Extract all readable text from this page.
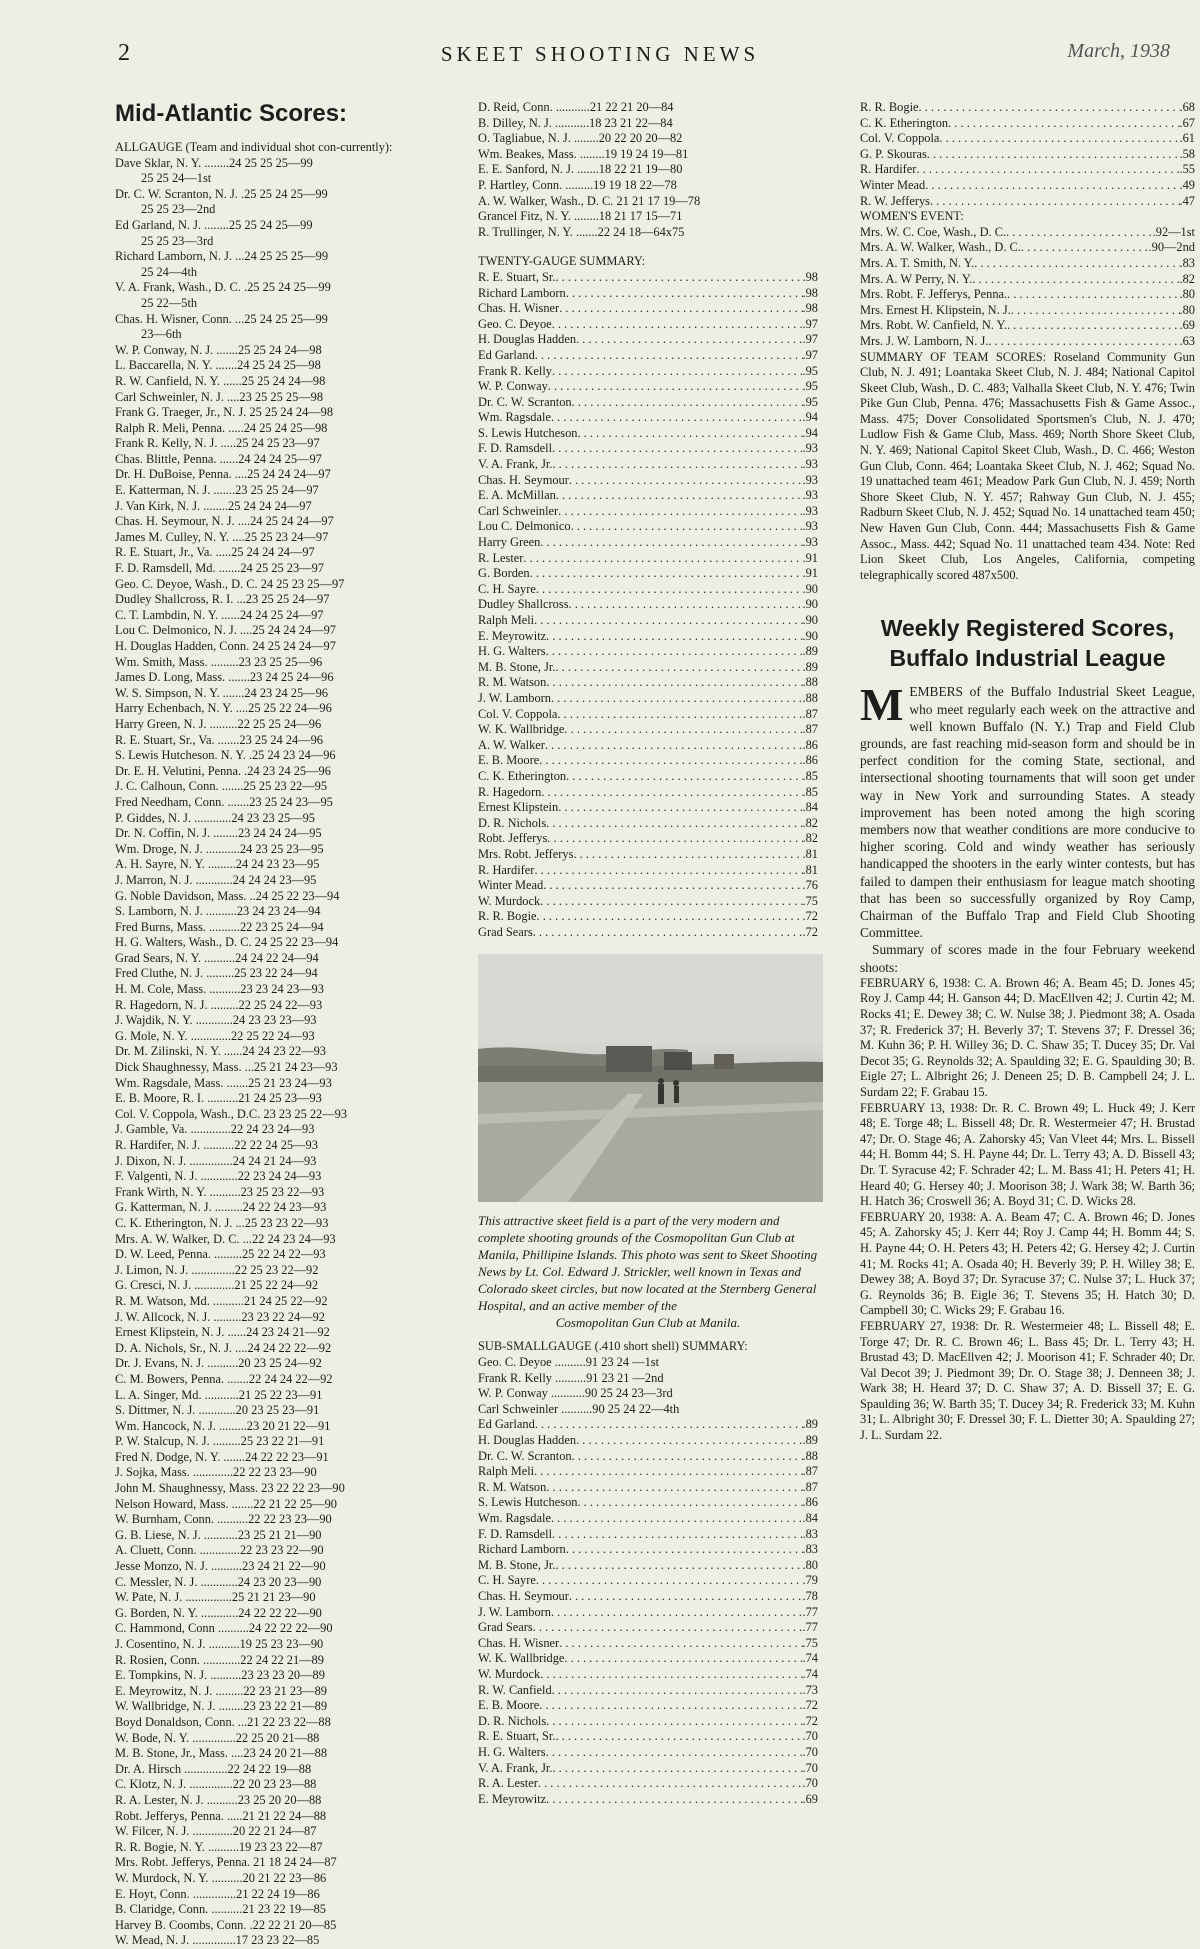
2	SKEET SHOOTING NEWS	March, 1938
Mid-Atlantic Scores:
ALLGAUGE (Team and individual shot con-currently):
Dave Sklar, N. Y. ........24 25 25 25—99
25 25 24—1st
Dr. C. W. Scranton, N. J. .25 25 24 25—99
25 25 23—2nd
Ed Garland, N. J. ........25 25 24 25—99
25 25 23—3rd
Richard Lamborn, N. J. ...24 25 25 25—99
25 24—4th
V. A. Frank, Wash., D. C. .25 25 24 25—99
25 22—5th
Chas. H. Wisner, Conn. ...25 24 25 25—99
23—6th
W. P. Conway, N. J. .......25 25 24 24—98
L. Baccarella, N. Y. .......24 25 24 25—98
R. W. Canfield, N. Y. ......25 25 24 24—98
Carl Schweinler, N. J. ....23 25 25 25—98
Frank G. Traeger, Jr., N. J. 25 25 24 24—98
Ralph R. Meli, Penna. .....24 25 24 25—98
Frank R. Kelly, N. J. .....25 24 25 23—97
Chas. Blittle, Penna. ......24 24 24 25—97
Dr. H. DuBoise, Penna. ....25 24 24 24—97
E. Katterman, N. J. .......23 25 25 24—97
J. Van Kirk, N. J. ........25 24 24 24—97
Chas. H. Seymour, N. J. ....24 25 24 24—97
James M. Culley, N. Y. ....25 25 23 24—97
R. E. Stuart, Jr., Va. .....25 24 24 24—97
F. D. Ramsdell, Md. .......24 25 25 23—97
Geo. C. Deyoe, Wash., D. C. 24 25 23 25—97
Dudley Shallcross, R. I. ...23 25 25 24—97
C. T. Lambdin, N. Y. ......24 24 25 24—97
Lou C. Delmonico, N. J. ....25 24 24 24—97
H. Douglas Hadden, Conn. 24 25 24 24—97
Wm. Smith, Mass. .........23 23 25 25—96
James D. Long, Mass. .......23 24 25 24—96
W. S. Simpson, N. Y. .......24 23 24 25—96
Harry Echenbach, N. Y. ....25 25 22 24—96
Harry Green, N. J. .........22 25 25 24—96
R. E. Stuart, Sr., Va. .......23 25 24 24—96
S. Lewis Hutcheson. N. Y. .25 24 23 24—96
Dr. E. H. Velutini, Penna. .24 23 24 25—96
J. C. Calhoun, Conn. .......25 25 23 22—95
Fred Needham, Conn. .......23 25 24 23—95
P. Giddes, N. J. ............24 23 23 25—95
Dr. N. Coffin, N. J. ........23 24 24 24—95
Wm. Droge, N. J. ...........24 23 25 23—95
A. H. Sayre, N. Y. .........24 24 23 23—95
J. Marron, N. J. ............24 24 24 23—95
G. Noble Davidson, Mass. ..24 25 22 23—94
S. Lamborn, N. J. ..........23 24 23 24—94
Fred Burns, Mass. ..........22 23 25 24—94
H. G. Walters, Wash., D. C. 24 25 22 23—94
Grad Sears, N. Y. ..........24 24 22 24—94
Fred Cluthe, N. J. .........25 23 22 24—94
H. M. Cole, Mass. ..........23 23 24 23—93
R. Hagedorn, N. J. .........22 25 24 22—93
J. Wajdik, N. Y. ............24 23 23 23—93
G. Mole, N. Y. .............22 25 22 24—93
Dr. M. Zilinski, N. Y. ......24 24 23 22—93
Dick Shaughnessy, Mass. ...25 21 24 23—93
Wm. Ragsdale, Mass. .......25 21 23 24—93
E. B. Moore, R. I. ..........21 24 25 23—93
Col. V. Coppola, Wash., D.C. 23 23 25 22—93
J. Gamble, Va. .............22 24 23 24—93
R. Hardifer, N. J. ..........22 22 24 25—93
J. Dixon, N. J. ..............24 24 21 24—93
F. Valgenti, N. J. ............22 23 24 24—93
Frank Wirth, N. Y. ..........23 25 23 22—93
G. Katterman, N. J. .........24 22 24 23—93
C. K. Etherington, N. J. ...25 23 23 22—93
Mrs. A. W. Walker, D. C. ...22 24 23 24—93
D. W. Leed, Penna. .........25 22 24 22—93
J. Limon, N. J. ..............22 25 23 22—92
G. Cresci, N. J. .............21 25 22 24—92
R. M. Watson, Md. ..........21 24 25 22—92
J. W. Allcock, N. J. .........23 23 22 24—92
Ernest Klipstein, N. J. ......24 23 24 21—92
D. A. Nichols, Sr., N. J. ....24 24 22 22—92
Dr. J. Evans, N. J. ..........20 23 25 24—92
C. M. Bowers, Penna. .......22 24 24 22—92
L. A. Singer, Md. ...........21 25 22 23—91
S. Dittmer, N. J. ............20 23 25 23—91
Wm. Hancock, N. J. .........23 20 21 22—91
P. W. Stalcup, N. J. .........25 23 22 21—91
Fred N. Dodge, N. Y. .......24 22 22 23—91
J. Sojka, Mass. .............22 22 23 23—90
John M. Shaughnessy, Mass. 23 22 22 23—90
Nelson Howard, Mass. .......22 21 22 25—90
W. Burnham, Conn. ..........22 22 23 23—90
G. B. Liese, N. J. ...........23 25 21 21—90
A. Cluett, Conn. .............22 23 23 22—90
Jesse Monzo, N. J. ..........23 24 21 22—90
C. Messler, N. J. ............24 23 20 23—90
W. Pate, N. J. ...............25 21 21 23—90
G. Borden, N. Y. ............24 22 22 22—90
C. Hammond, Conn ..........24 22 22 22—90
J. Cosentino, N. J. ..........19 25 23 23—90
R. Rosien, Conn. ............22 24 22 21—89
E. Tompkins, N. J. ..........23 23 23 20—89
E. Meyrowitz, N. J. .........22 23 21 23—89
W. Wallbridge, N. J. ........23 23 22 21—89
Boyd Donaldson, Conn. ...21 22 23 22—88
W. Bode, N. Y. ..............22 25 20 21—88
M. B. Stone, Jr., Mass. ....23 24 20 21—88
Dr. A. Hirsch ..............22 24 22 19—88
C. Klotz, N. J. ..............22 20 23 23—88
R. A. Lester, N. J. ..........23 25 20 20—88
Robt. Jefferys, Penna. .....21 21 22 24—88
W. Filcer, N. J. .............20 22 21 24—87
R. R. Bogie, N. Y. ..........19 23 23 22—87
Mrs. Robt. Jefferys, Penna. 21 18 24 24—87
W. Murdock, N. Y. ..........20 21 22 23—86
E. Hoyt, Conn. ..............21 22 24 19—86
B. Claridge, Conn. ..........21 23 22 19—85
Harvey B. Coombs, Conn. .22 22 21 20—85
W. Mead, N. J. ..............17 23 23 22—85
D. Reid, Conn. ...........21 22 21 20—84
B. Dilley, N. J. ...........18 23 21 22—84
O. Tagliabue, N. J. ........20 22 20 20—82
Wm. Beakes, Mass. ........19 19 24 19—81
E. E. Sanford, N. J. .......18 22 21 19—80
P. Hartley, Conn. .........19 19 18 22—78
A. W. Walker, Wash., D. C. 21 21 17 19—78
Grancel Fitz, N. Y. ........18 21 17 15—71
R. Trullinger, N. Y. .......22 24 18—64x75
TWENTY-GAUGE SUMMARY:
R. E. Stuart, Sr. . . .	.98
Richard Lamborn . . .	.98
Chas. H. Wisner . . .	.98
Geo. C. Deyoe . . .	.97
H. Douglas Hadden . . .	.97
Ed Garland . . .	.97
Frank R. Kelly . . .	.95
W. P. Conway . . .	.95
Dr. C. W. Scranton . . .	.95
Wm. Ragsdale . . .	.94
S. Lewis Hutcheson . . .	.94
F. D. Ramsdell . . .	.93
V. A. Frank, Jr. . . .	.93
Chas. H. Seymour . . .	.93
E. A. McMillan . . .	.93
Carl Schweinler . . .	.93
Lou C. Delmonico . . .	.93
Harry Green . . .	.93
R. Lester . . .	.91
G. Borden . . .	.91
C. H. Sayre . . .	.90
Dudley Shallcross . . .	.90
Ralph Meli . . .	.90
E. Meyrowitz . . .	.90
H. G. Walters . . .	.89
M. B. Stone, Jr. . . .	.89
R. M. Watson . . .	.88
J. W. Lamborn . . .	.88
Col. V. Coppola . . .	.87
W. K. Wallbridge . . .	.87
A. W. Walker . . .	.86
E. B. Moore . . .	.86
C. K. Etherington . . .	.85
R. Hagedorn . . .	.85
Ernest Klipstein . . .	.84
D. R. Nichols . . .	.82
Robt. Jefferys . . .	.82
Mrs. Robt. Jefferys . . .	.81
R. Hardifer . . .	.81
Winter Mead . . .	.76
W. Murdock . . .	.75
R. R. Bogie . . .	.72
Grad Sears . . .	.72
This attractive skeet field is a part of the very modern and complete shooting grounds of the Cosmopolitan Gun Club at Manila, Phillipine Islands. This photo was sent to Skeet Shooting News by Lt. Col. Edward J. Strickler, well known in Texas and Colorado skeet circles, but now located at the Sternberg General Hospital, and an active member of the
Cosmopolitan Gun Club at Manila.
SUB-SMALLGAUGE (.410 short shell) SUMMARY:
Geo. C. Deyoe ..........91 23 24 —1st
Frank R. Kelly ..........91 23 21 —2nd
W. P. Conway ...........90 25 24 23—3rd
Carl Schweinler ..........90 25 24 22—4th
Ed Garland . . .	.89
H. Douglas Hadden . . .	.89
Dr. C. W. Scranton . . .	.88
Ralph Meli . . .	.87
R. M. Watson . . .	.87
S. Lewis Hutcheson . . .	.86
Wm. Ragsdale . . .	.84
F. D. Ramsdell . . .	.83
Richard Lamborn . . .	.83
M. B. Stone, Jr. . . .	.80
C. H. Sayre . . .	.79
Chas. H. Seymour . . .	.78
J. W. Lamborn . . .	.77
Grad Sears . . .	.77
Chas. H. Wisner . . .	.75
W. K. Wallbridge . . .	.74
W. Murdock . . .	.74
R. W. Canfield . . .	.73
E. B. Moore . . .	.72
D. R. Nichols . . .	.72
R. E. Stuart, Sr. . . .	.70
H. G. Walters . . .	.70
V. A. Frank, Jr. . . .	.70
R. A. Lester . . .	.70
E. Meyrowitz . . .	.69
R. R. Bogie . . .	.68
C. K. Etherington . . .	.67
Col. V. Coppola . . .	.61
G. P. Skouras . . .	.58
R. Hardifer . . .	.55
Winter Mead . . .	.49
R. W. Jefferys . . .	.47
WOMEN'S EVENT:
Mrs. W. C. Coe, Wash., D. C. . . .	.92—1st
Mrs. A. W. Walker, Wash., D. C. . . .	.90—2nd
Mrs. A. T. Smith, N. Y. . . .	.83
Mrs. A. W Perry, N. Y. . . .	.82
Mrs. Robt. F. Jefferys, Penna. . . .	.80
Mrs. Ernest H. Klipstein, N. J. . . .	.80
Mrs. Robt. W. Canfield, N. Y. . . .	.69
Mrs. J. W. Lamborn, N. J. . . .	.63
SUMMARY OF TEAM SCORES: Roseland Community Gun Club, N. J. 491; Loantaka Skeet Club, N. J. 484; National Capitol Skeet Club, Wash., D. C. 483; Valhalla Skeet Club, N. Y. 476; Twin Pike Gun Club, Penna. 476; Massachusetts Fish & Game Assoc., Mass. 475; Dover Consolidated Sportsmen's Club, N. J. 470; Ludlow Fish & Game Club, Mass. 469; North Shore Skeet Club, N. Y. 469; National Capitol Skeet Club, Wash., D. C. 466; Weston Gun Club, Conn. 464; Loantaka Skeet Club, N. J. 462; Squad No. 19 unattached team 461; Meadow Park Gun Club, N. J. 459; North Shore Skeet Club, N. Y. 457; Rahway Gun Club, N. J. 455; Radburn Skeet Club, N. J. 452; Squad No. 14 unattached team 450; New Haven Gun Club, Conn. 444; Massachusetts Fish & Game Assoc., Mass. 442; Squad No. 11 unattached team 434. Note: Red Lion Skeet Club, Los Angeles, California, competing telegraphically scored 487x500.
Weekly Registered Scores,
Buffalo Industrial League

MEMBERS of the Buffalo Industrial Skeet League, who meet regularly each week on the attractive and well known Buffalo (N. Y.) Trap and Field Club grounds, are fast reaching mid-season form and should be in perfect condition for the coming State, sectional, and intersectional shooting tournaments that will soon get under way in New York and surrounding States. A steady improvement has been noted among the high scoring members now that weather conditions are more conducive to higher scoring. Cold and windy weather has seriously handicapped the shooters in the early winter contests, but has failed to dampen their enthusiasm for league match shooting that has been so successfully organized by Roy Camp, Chairman of the Buffalo Trap and Field Club Shooting Committee.

Summary of scores made in the four February weekend shoots:

FEBRUARY 6, 1938: C. A. Brown 46; A. Beam 45; D. Jones 45; Roy J. Camp 44; H. Ganson 44; D. MacEllven 42; J. Curtin 42; M. Rocks 41; E. Dewey 38; C. W. Nulse 38; J. Piedmont 38; A. Osada 37; R. Frederick 37; H. Beverly 37; T. Stevens 37; F. Dressel 36; M. Kuhn 36; P. H. Willey 36; D. C. Shaw 35; T. Ducey 35; Dr. Val Decot 35; G. Reynolds 32; A. Spaulding 32; E. G. Spaulding 30; B. Eigle 27; L. Albright 26; J. Deneen 25; D. B. Campbell 24; J. L. Surdam 22; F. Grabau 15.
FEBRUARY 13, 1938: Dr. R. C. Brown 49; L. Huck 49; J. Kerr 48; E. Torge 48; L. Bissell 48; Dr. R. Westermeier 47; H. Brustad 47; Dr. O. Stage 46; A. Zahorsky 45; Van Vleet 44; Mrs. L. Bissell 44; H. Bomm 44; S. H. Payne 44; Dr. L. Terry 43; A. D. Bissell 43; Dr. T. Syracuse 42; F. Schrader 42; L. M. Bass 41; H. Peters 41; H. Heard 40; G. Hersey 40; J. Moorison 38; J. Wark 38; W. Barth 36; H. Hatch 36; Croswell 36; A. Boyd 31; C. D. Wicks 28.
FEBRUARY 20, 1938: A. A. Beam 47; C. A. Brown 46; D. Jones 45; A. Zahorsky 45; J. Kerr 44; Roy J. Camp 44; H. Bomm 44; S. H. Payne 44; O. H. Peters 43; H. Peters 42; G. Hersey 42; J. Curtin 41; M. Rocks 41; A. Osada 40; H. Beverly 39; P. H. Willey 38; E. Dewey 38; A. Boyd 37; Dr. Syracuse 37; C. Nulse 37; L. Huck 37; G. Reynolds 36; B. Eigle 36; T. Stevens 35; H. Hatch 30; D. Campbell 30; C. Wicks 29; F. Grabau 16.
FEBRUARY 27, 1938: Dr. R. Westermeier 48; L. Bissell 48; E. Torge 47; Dr. R. C. Brown 46; L. Bass 45; Dr. L. Terry 43; H. Brustad 43; D. MacEllven 42; J. Moorison 41; F. Schrader 40; Dr. Val Decot 39; J. Piedmont 39; Dr. O. Stage 38; J. Denneen 38; J. Wark 38; H. Heard 37; D. C. Shaw 37; A. D. Bissell 37; E. G. Spaulding 36; W. Barth 35; T. Ducey 34; R. Frederick 33; M. Kuhn 31; L. Albright 30; F. Dressel 30; F. L. Dietter 30; A. Spaulding 27; J. L. Surdam 22.
